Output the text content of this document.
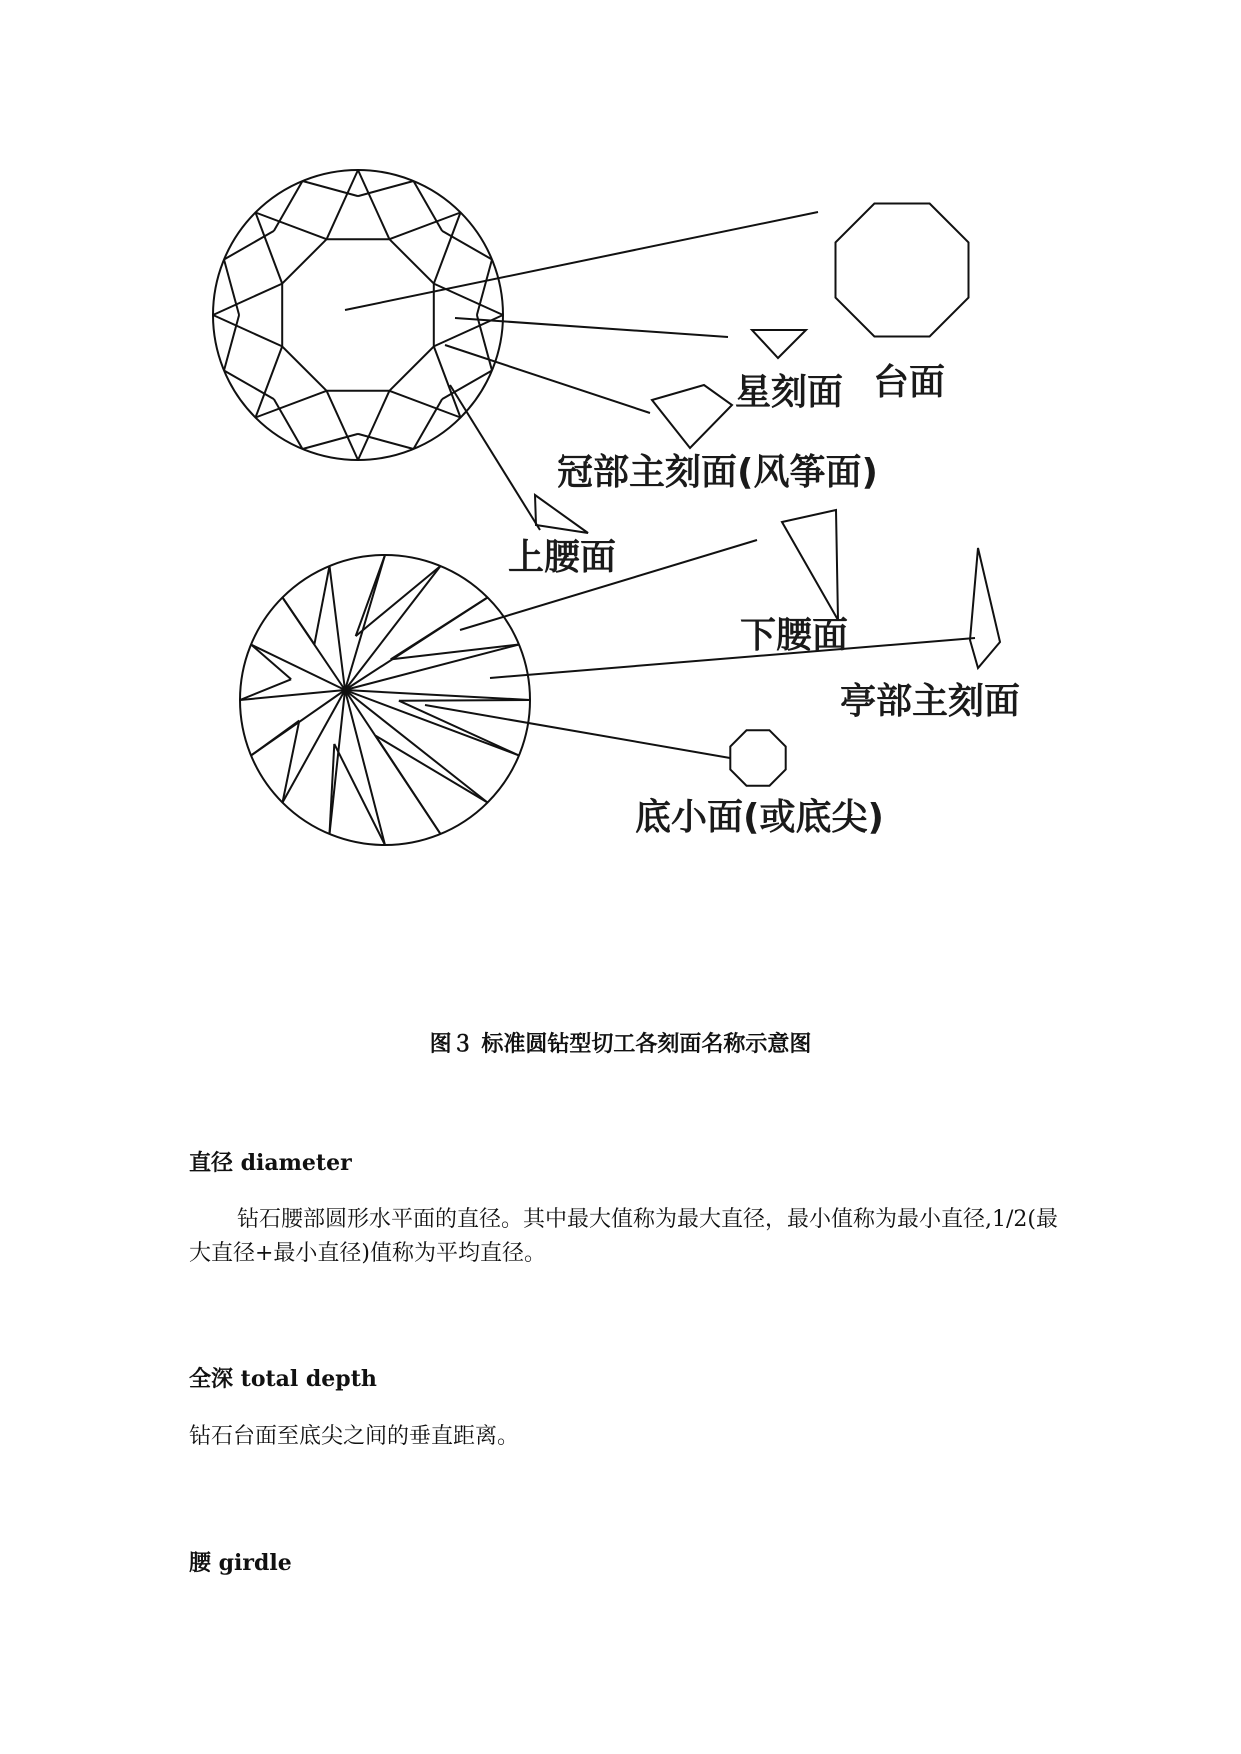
台面
星刻面
冠部主刻面(风筝面)
上腰面
下腰面
亭部主刻面
底小面(或底尖)
图３ 标准圆钻型切工各刻面名称示意图
直径 diameter
钻石腰部圆形水平面的直径。其中最大值称为最大直径，最小值称为最小直径,1/2(最大直径+最小直径)值称为平均直径。
全深 total depth
钻石台面至底尖之间的垂直距离。
腰 girdle
